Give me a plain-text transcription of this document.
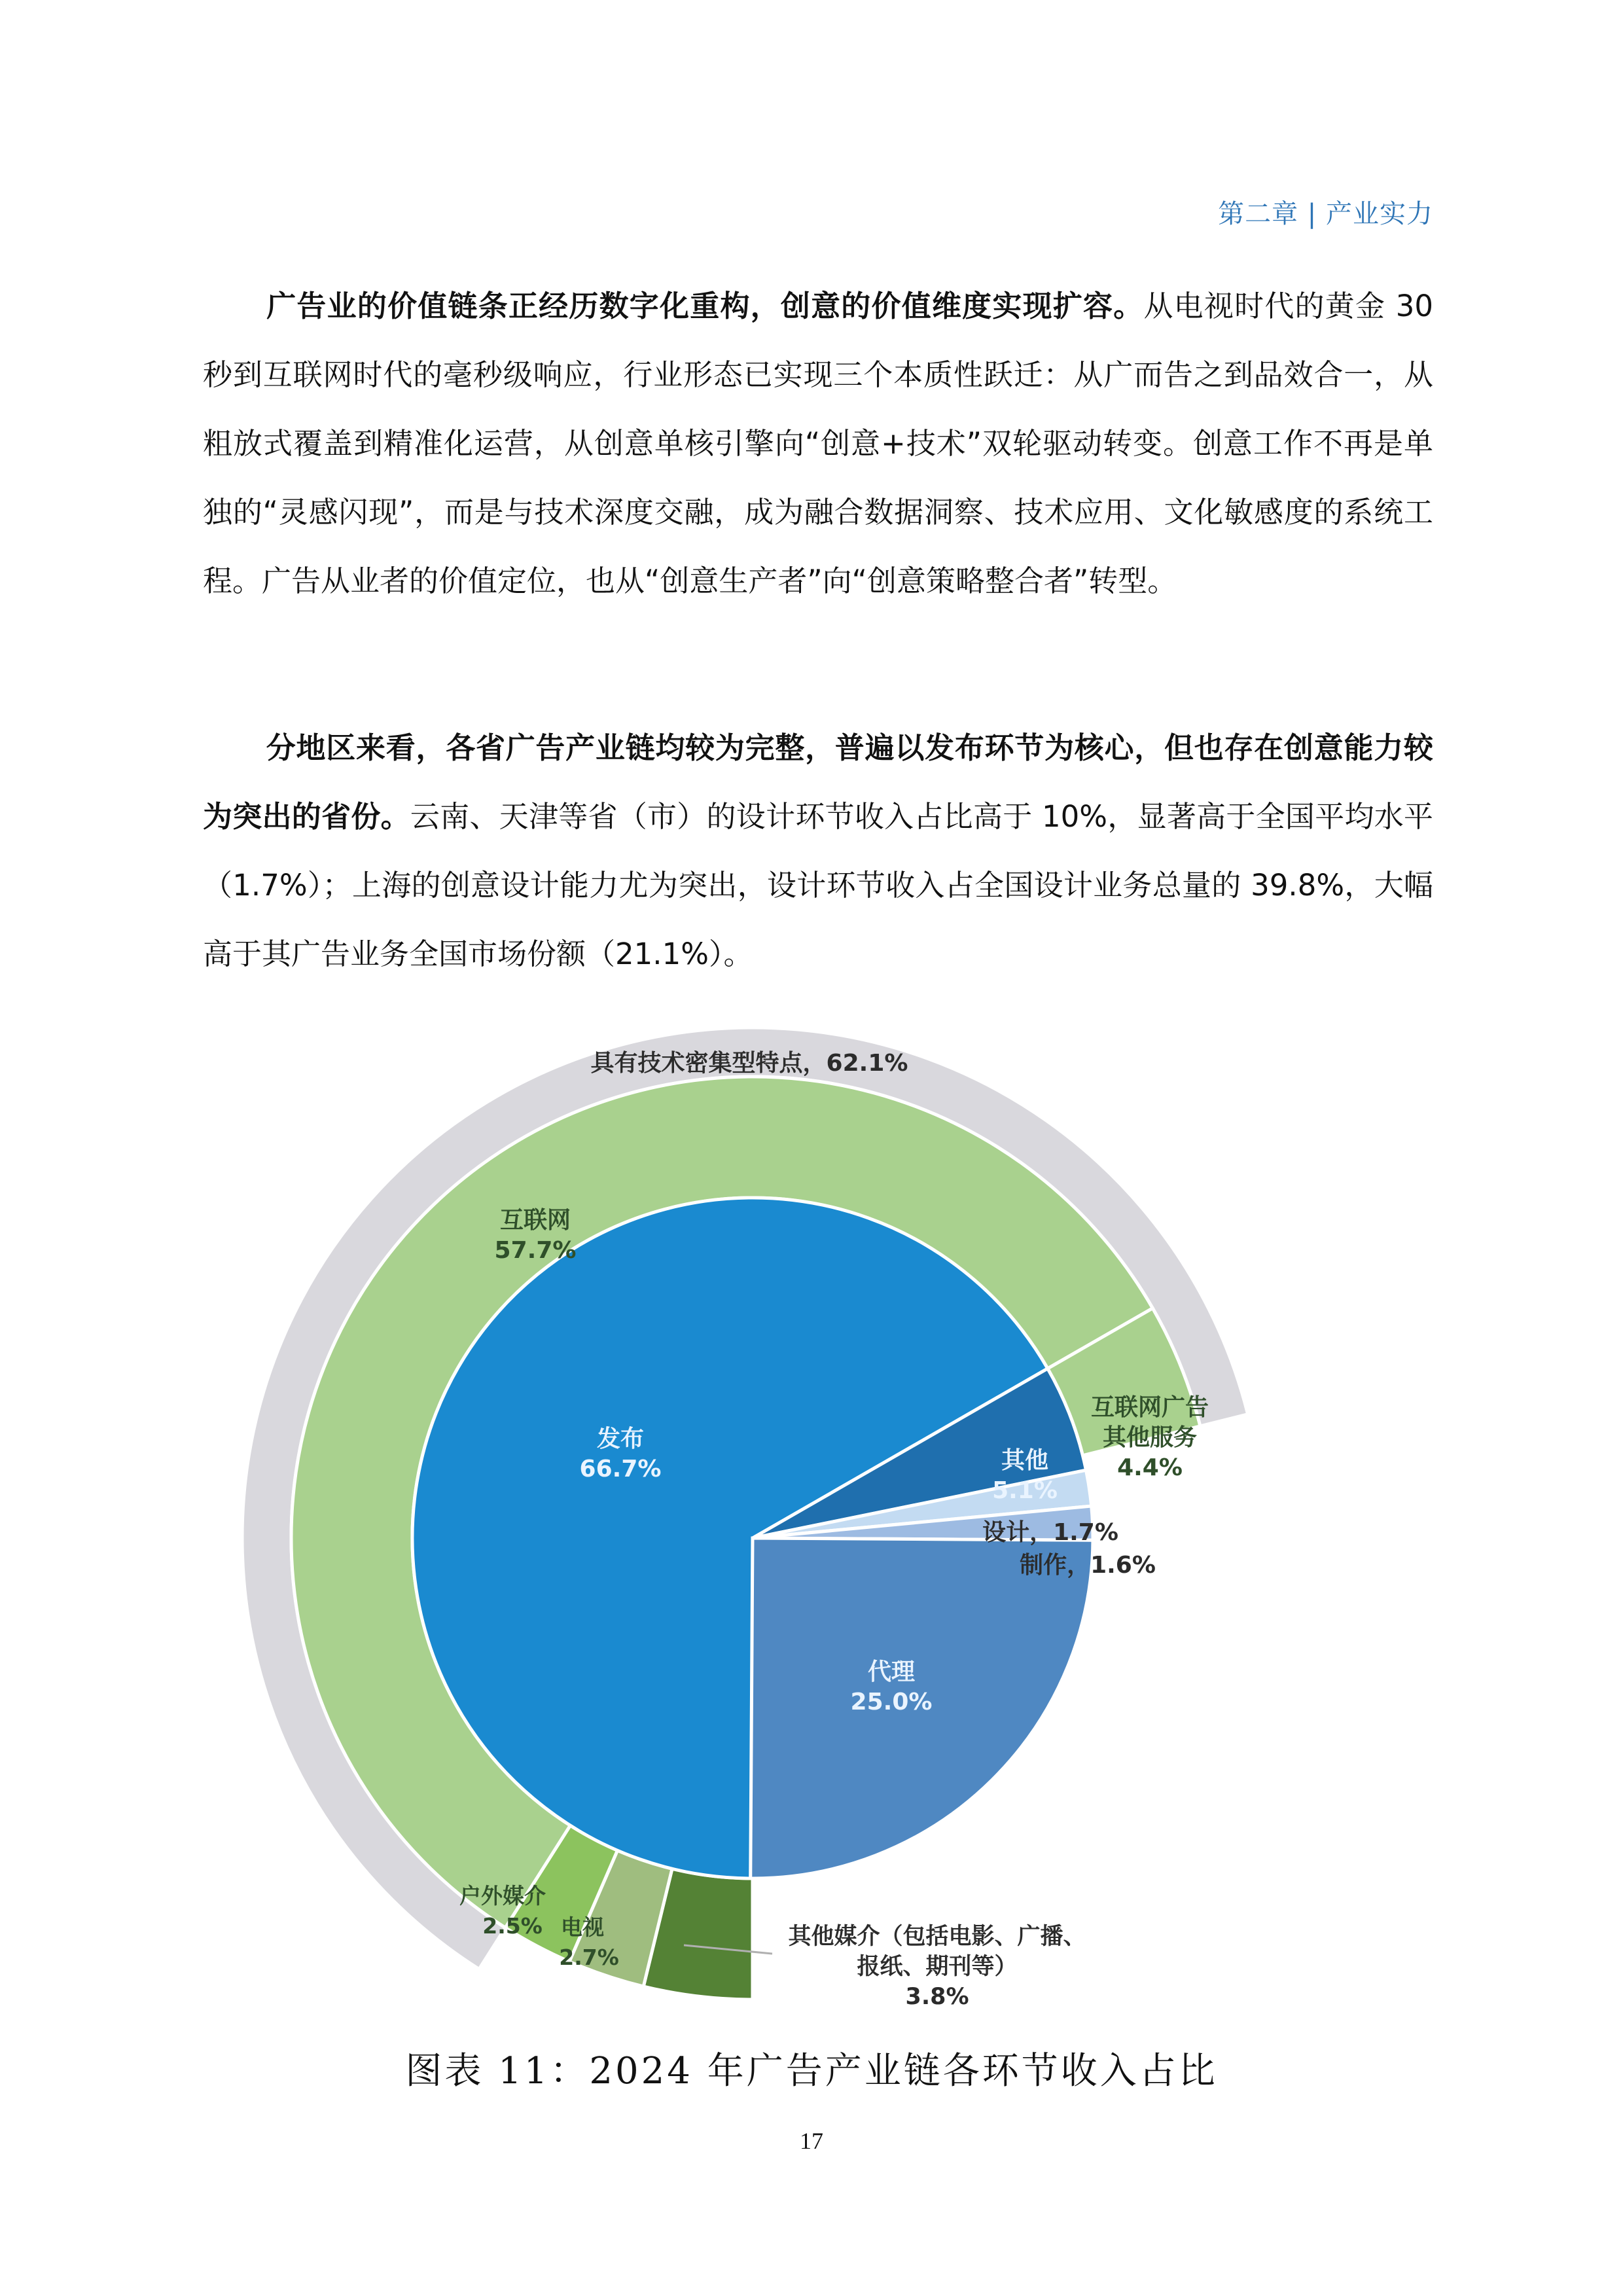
第二章 | 产业实力
广告业的价值链条正经历数字化重构，创意的价值维度实现扩容。从电视时代的黄金 30 秒到互联网时代的毫秒级响应，行业形态已实现三个本质性跃迁：从广而告之到品效合一，从粗放式覆盖到精准化运营，从创意单核引擎向“创意+技术”双轮驱动转变。创意工作不再是单独的“灵感闪现”，而是与技术深度交融，成为融合数据洞察、技术应用、文化敏感度的系统工程。广告从业者的价值定位，也从“创意生产者”向“创意策略整合者”转型。
分地区来看，各省广告产业链均较为完整，普遍以发布环节为核心，但也存在创意能力较为突出的省份。云南、天津等省（市）的设计环节收入占比高于 10%，显著高于全国平均水平（1.7%）；上海的创意设计能力尤为突出，设计环节收入占全国设计业务总量的 39.8%，大幅高于其广告业务全国市场份额（21.1%）。
具有技术密集型特点，62.1%
互联网
57.7%
发布
66.7%	其他
5.1%
设计，1.7%
制作，1.6%
代理
25.0%
互联网广告
其他服务
4.4%
户外媒介
2.5% 电视
2.7%
其他媒介（包括电影、广播、
报纸、期刊等）
3.8%
图表 11：2024 年广告产业链各环节收入占比
17
